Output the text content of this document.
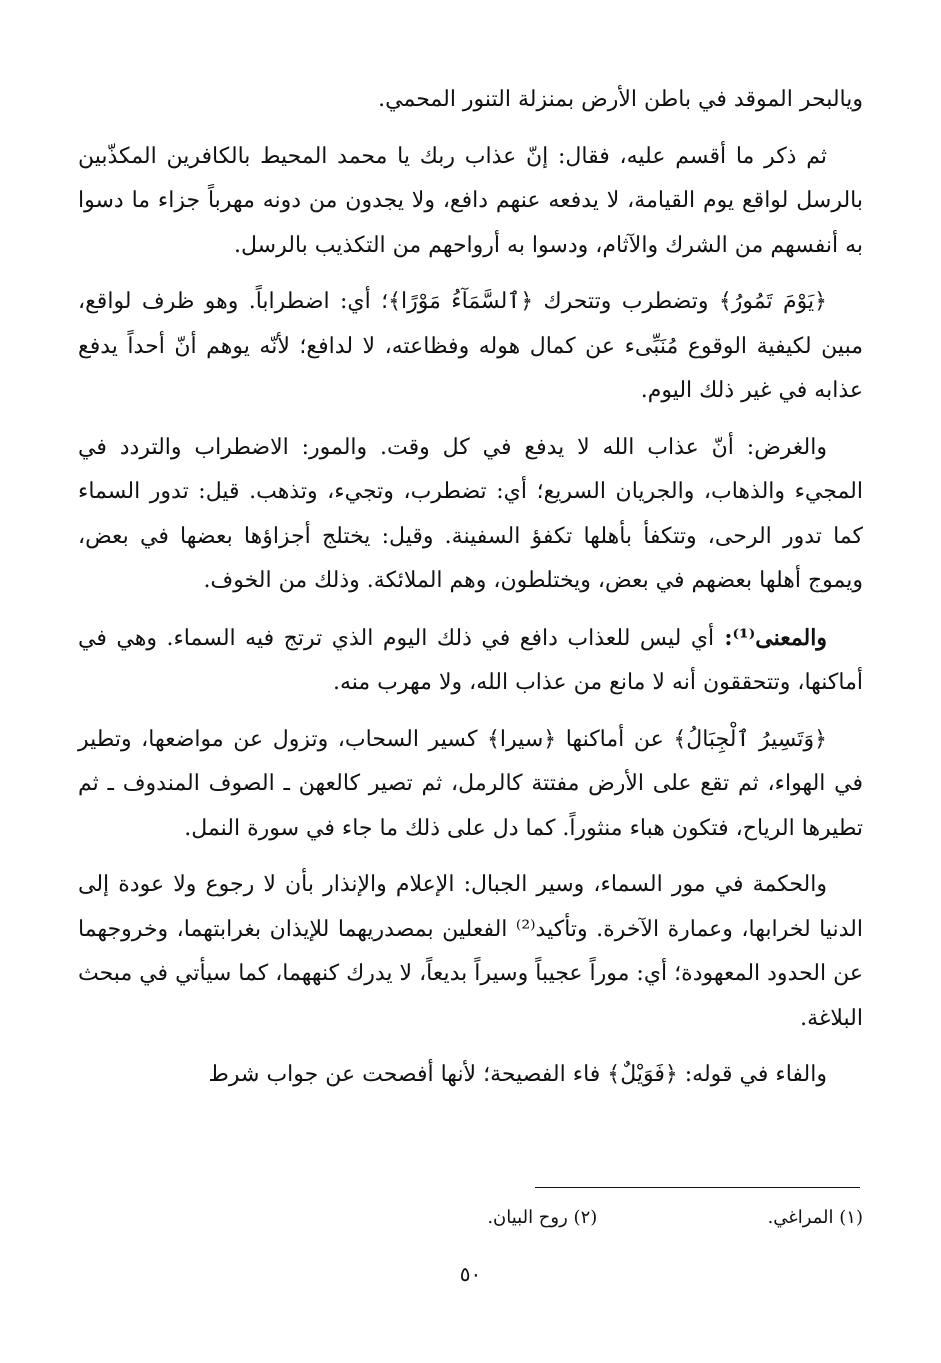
ويالبحر الموقد في باطن الأرض بمنزلة التنور المحمي.

ثم ذكر ما أقسم عليه، فقال: إنّ عذاب ربك يا محمد المحيط بالكافرين المكذّبين بالرسل لواقع يوم القيامة، لا يدفعه عنهم دافع، ولا يجدون من دونه مهرباً جزاء ما دسوا به أنفسهم من الشرك والآثام، ودسوا به أرواحهم من التكذيب بالرسل.

﴿يَوْمَ تَمُورُ﴾ وتضطرب وتتحرك ﴿ٱلسَّمَآءُ مَوْرًا﴾؛ أي: اضطراباً. وهو ظرف لواقع، مبين لكيفية الوقوع مُنَبِّىء عن كمال هوله وفظاعته، لا لدافع؛ لأنّه يوهم أنّ أحداً يدفع عذابه في غير ذلك اليوم.

والغرض: أنّ عذاب الله لا يدفع في كل وقت. والمور: الاضطراب والتردد في المجيء والذهاب، والجريان السريع؛ أي: تضطرب، وتجيء، وتذهب. قيل: تدور السماء كما تدور الرحى، وتتكفأ بأهلها تكفؤ السفينة. وقيل: يختلج أجزاؤها بعضها في بعض، ويموج أهلها بعضهم في بعض، ويختلطون، وهم الملائكة. وذلك من الخوف.

والمعنى⁽¹⁾: أي ليس للعذاب دافع في ذلك اليوم الذي ترتج فيه السماء. وهي في أماكنها، وتتحققون أنه لا مانع من عذاب الله، ولا مهرب منه.

﴿وَتَسِيرُ ٱلْجِبَالُ﴾ عن أماكنها ﴿سيرا﴾ كسير السحاب، وتزول عن مواضعها، وتطير في الهواء، ثم تقع على الأرض مفتتة كالرمل، ثم تصير كالعهن ـ الصوف المندوف ـ ثم تطيرها الرياح، فتكون هباء منثوراً. كما دل على ذلك ما جاء في سورة النمل.

والحكمة في مور السماء، وسير الجبال: الإعلام والإنذار بأن لا رجوع ولا عودة إلى الدنيا لخرابها، وعمارة الآخرة. وتأكيد⁽²⁾ الفعلين بمصدريهما للإيذان بغرابتهما، وخروجهما عن الحدود المعهودة؛ أي: موراً عجيباً وسيراً بديعاً، لا يدرك كنههما، كما سيأتي في مبحث البلاغة.

والفاء في قوله: ﴿فَوَيْلٌ﴾ فاء الفصيحة؛ لأنها أفصحت عن جواب شرط

(١) المراغي. (٢) روح البيان.
٥٠
